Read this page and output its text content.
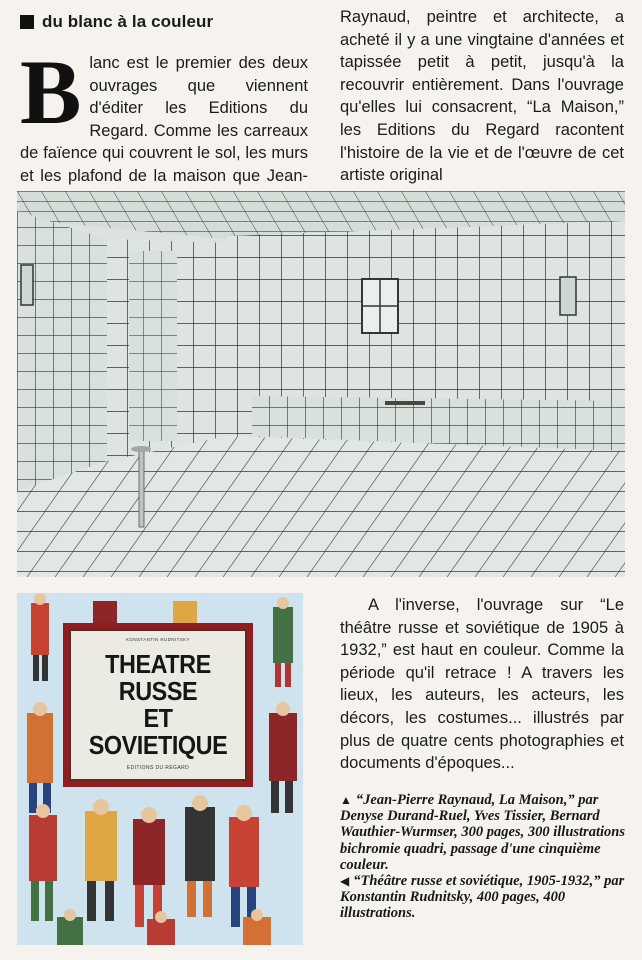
du blanc à la couleur
B lanc est le premier des deux ouvrages que viennent d'éditer les Editions du Regard. Comme les carreaux de faïence qui couvrent le sol, les murs et les plafond de la maison que Jean-
Raynaud, peintre et architecte, a acheté il y a une vingtaine d'années et tapissée petit à petit, jusqu'à la recouvrir entièrement. Dans l'ouvrage qu'elles lui consacrent, “La Maison,” les Editions du Regard racontent l'histoire de la vie et de l'œuvre de cet artiste original
KONSTANTIN RUDNITSKY
THEATRE
RUSSE
ET
SOVIETIQUE
EDITIONS DU REGARD
A l'inverse, l'ouvrage sur “Le théâtre russe et soviétique de 1905 à 1932,” est haut en couleur. Comme la période qu'il retrace ! A travers les lieux, les auteurs, les acteurs, les décors, les costumes... illustrés par plus de quatre cents photographies et documents d'époques...

▲ “Jean-Pierre Raynaud, La Maison,” par Denyse Durand-Ruel, Yves Tissier, Bernard Wauthier-Wurmser, 300 pages, 300 illustrations bichromie quadri, passage d'une cinquième couleur.

◀ “Théâtre russe et soviétique, 1905-1932,” par Konstantin Rudnitsky, 400 pages, 400 illustrations.
